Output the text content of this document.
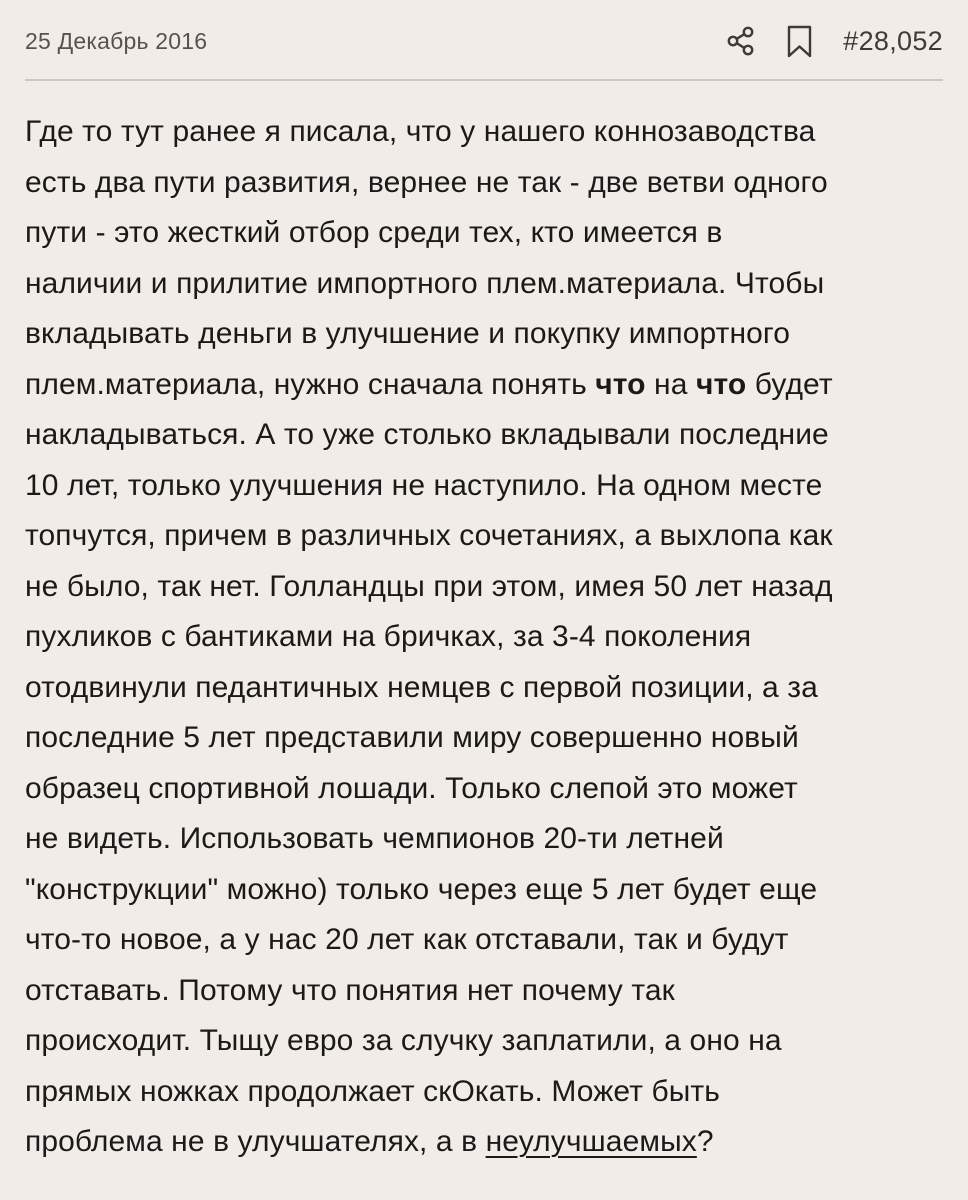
25 Декабрь 2016	#28,052
Где то тут ранее я писала, что у нашего коннозаводства
есть два пути развития, вернее не так - две ветви одного
пути - это жесткий отбор среди тех, кто имеется в
наличии и прилитие импортного плем.материала. Чтобы
вкладывать деньги в улучшение и покупку импортного
плем.материала, нужно сначала понять что на что будет
накладываться. А то уже столько вкладывали последние
10 лет, только улучшения не наступило. На одном месте
топчутся, причем в различных сочетаниях, а выхлопа как
не было, так нет. Голландцы при этом, имея 50 лет назад
пухликов с бантиками на бричках, за 3-4 поколения
отодвинули педантичных немцев с первой позиции, а за
последние 5 лет представили миру совершенно новый
образец спортивной лошади. Только слепой это может
не видеть. Использовать чемпионов 20-ти летней
"конструкции" можно) только через еще 5 лет будет еще
что-то новое, а у нас 20 лет как отставали, так и будут
отставать. Потому что понятия нет почему так
происходит. Тыщу евро за случку заплатили, а оно на
прямых ножках продолжает скОкать. Может быть
проблема не в улучшателях, а в неулучшаемых?
